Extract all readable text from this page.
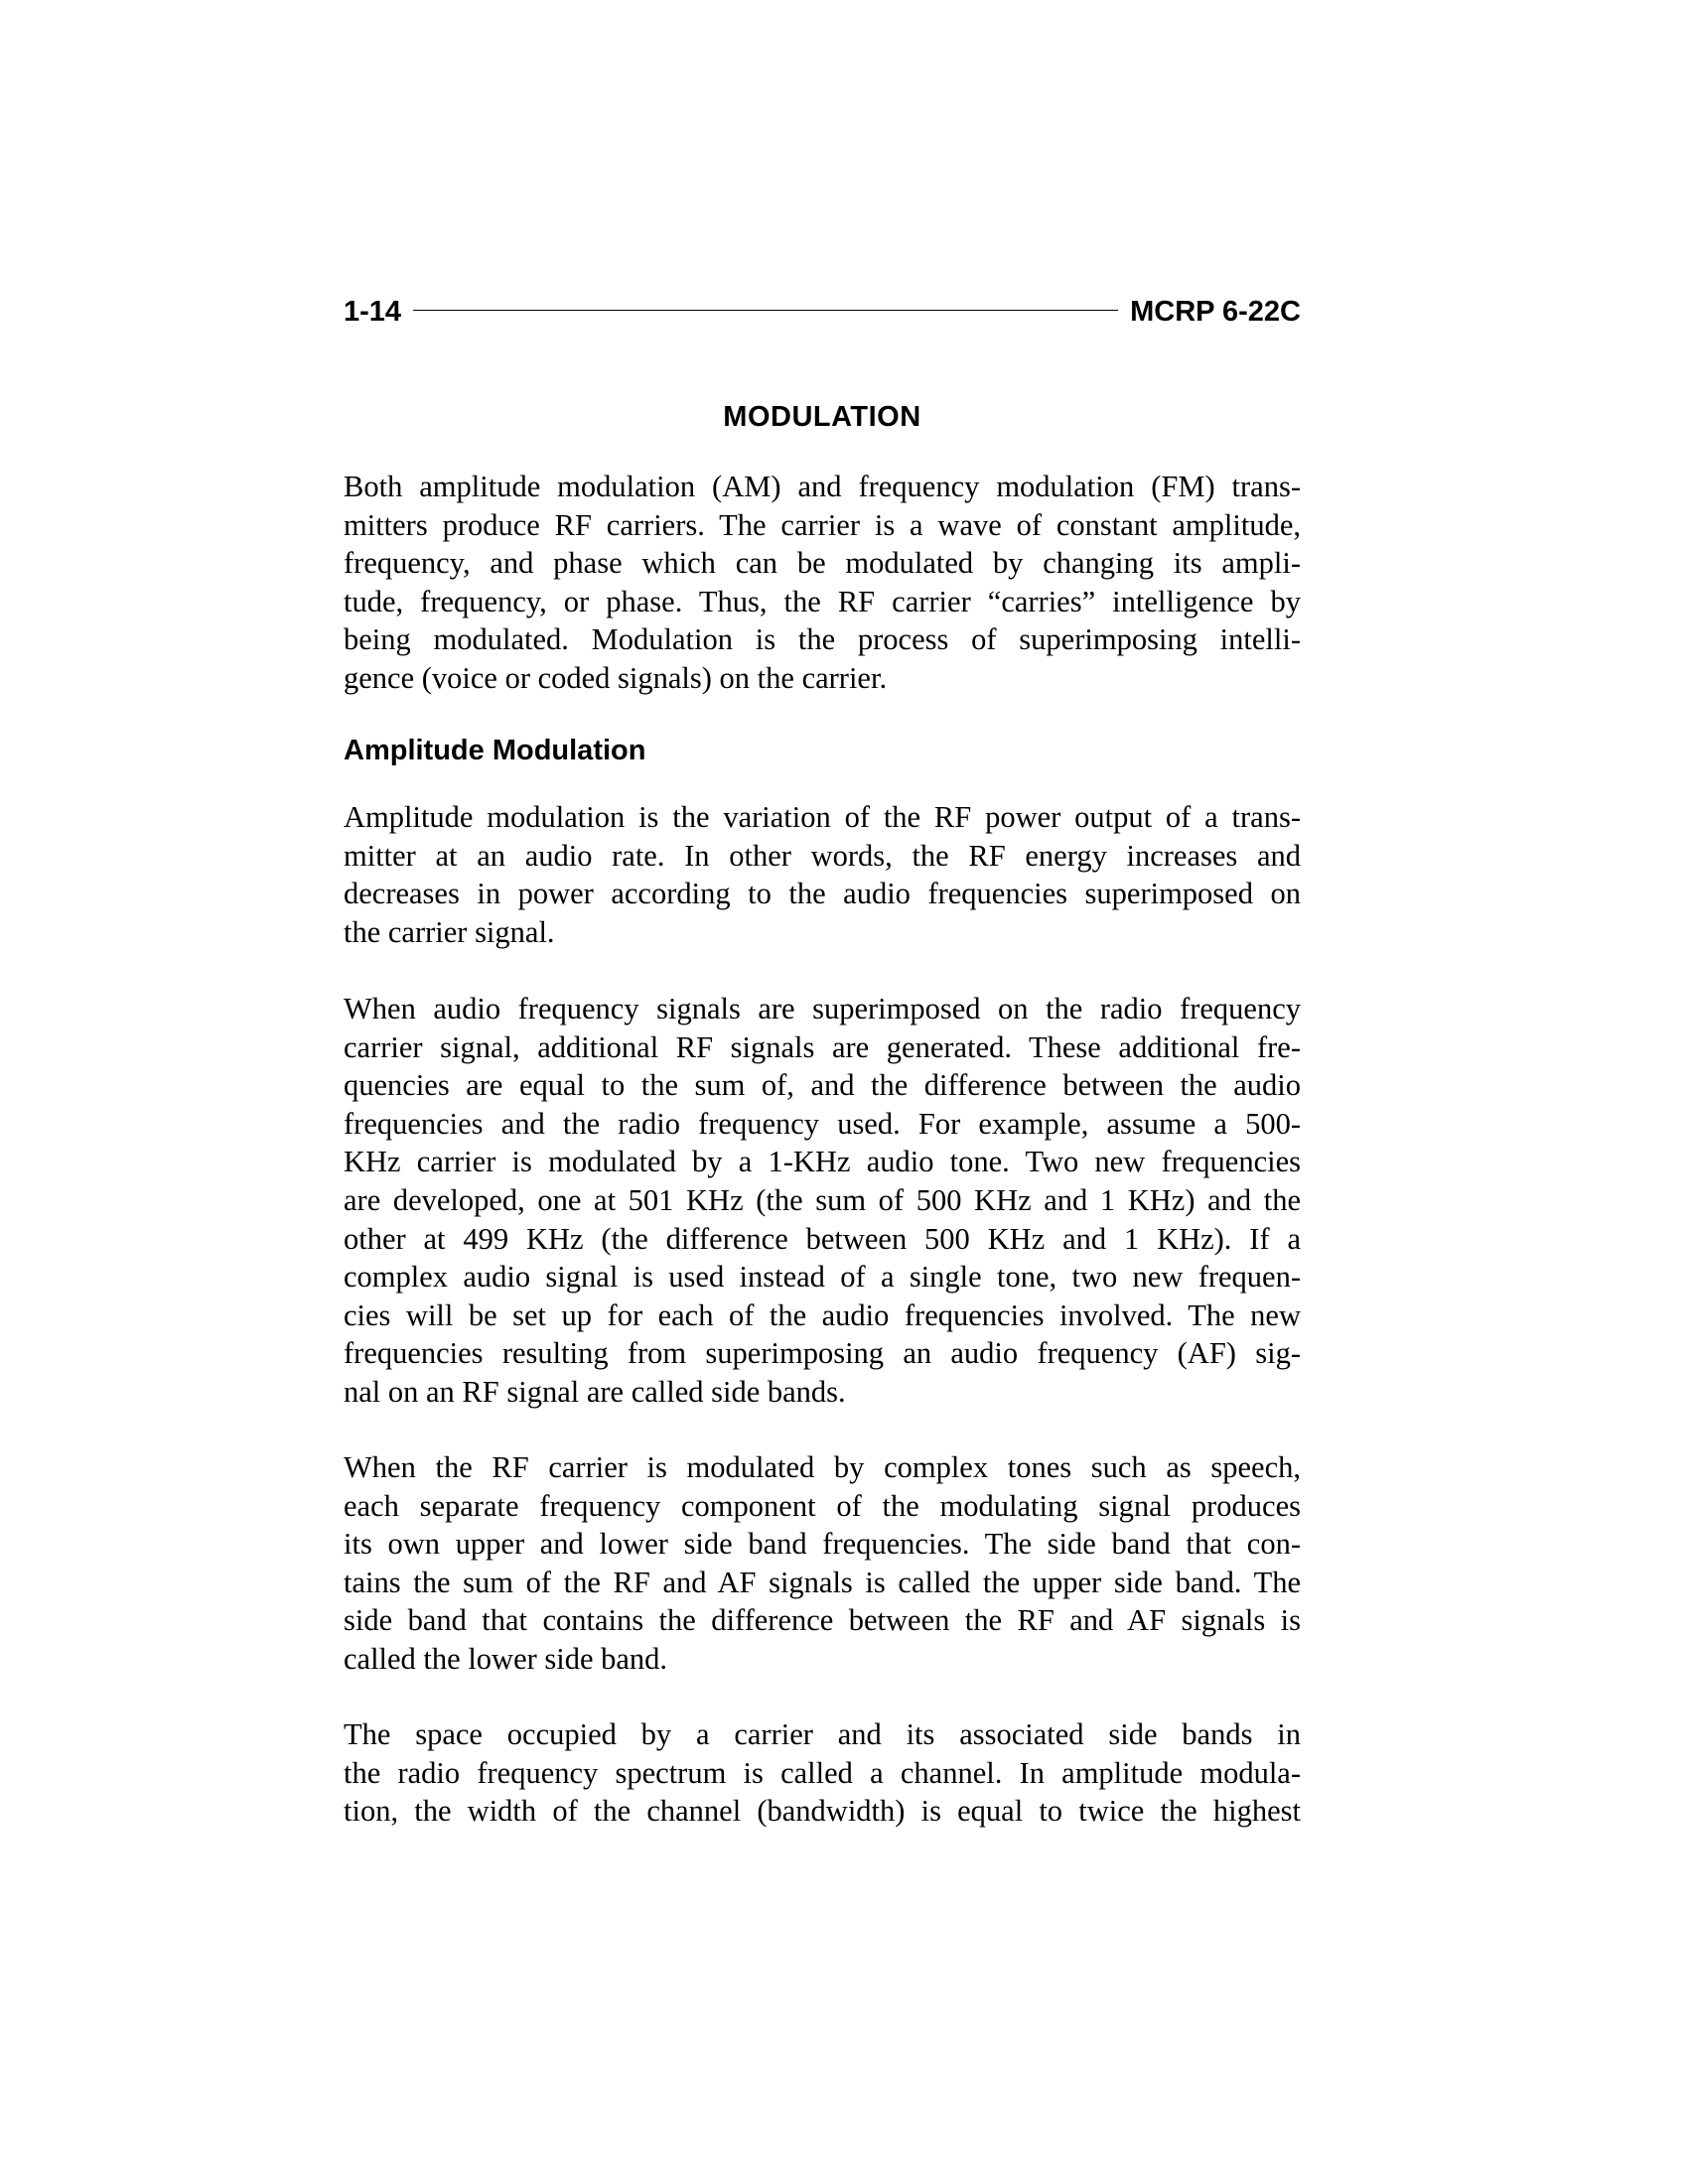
1-14	MCRP 6-22C
MODULATION
Both amplitude modulation (AM) and frequency modulation (FM) trans-
mitters produce RF carriers. The carrier is a wave of constant amplitude,
frequency, and phase which can be modulated by changing its ampli-
tude, frequency, or phase. Thus, the RF carrier “carries” intelligence by
being modulated. Modulation is the process of superimposing intelli-
gence (voice or coded signals) on the carrier.
Amplitude Modulation
Amplitude modulation is the variation of the RF power output of a trans-
mitter at an audio rate. In other words, the RF energy increases and
decreases in power according to the audio frequencies superimposed on
the carrier signal.
When audio frequency signals are superimposed on the radio frequency
carrier signal, additional RF signals are generated. These additional fre-
quencies are equal to the sum of, and the difference between the audio
frequencies and the radio frequency used. For example, assume a 500-
KHz carrier is modulated by a 1-KHz audio tone. Two new frequencies
are developed, one at 501 KHz (the sum of 500 KHz and 1 KHz) and the
other at 499 KHz (the difference between 500 KHz and 1 KHz). If a
complex audio signal is used instead of a single tone, two new frequen-
cies will be set up for each of the audio frequencies involved. The new
frequencies resulting from superimposing an audio frequency (AF) sig-
nal on an RF signal are called side bands.
When the RF carrier is modulated by complex tones such as speech,
each separate frequency component of the modulating signal produces
its own upper and lower side band frequencies. The side band that con-
tains the sum of the RF and AF signals is called the upper side band. The
side band that contains the difference between the RF and AF signals is
called the lower side band.
The space occupied by a carrier and its associated side bands in
the radio frequency spectrum is called a channel. In amplitude modula-
tion, the width of the channel (bandwidth) is equal to twice the highest
